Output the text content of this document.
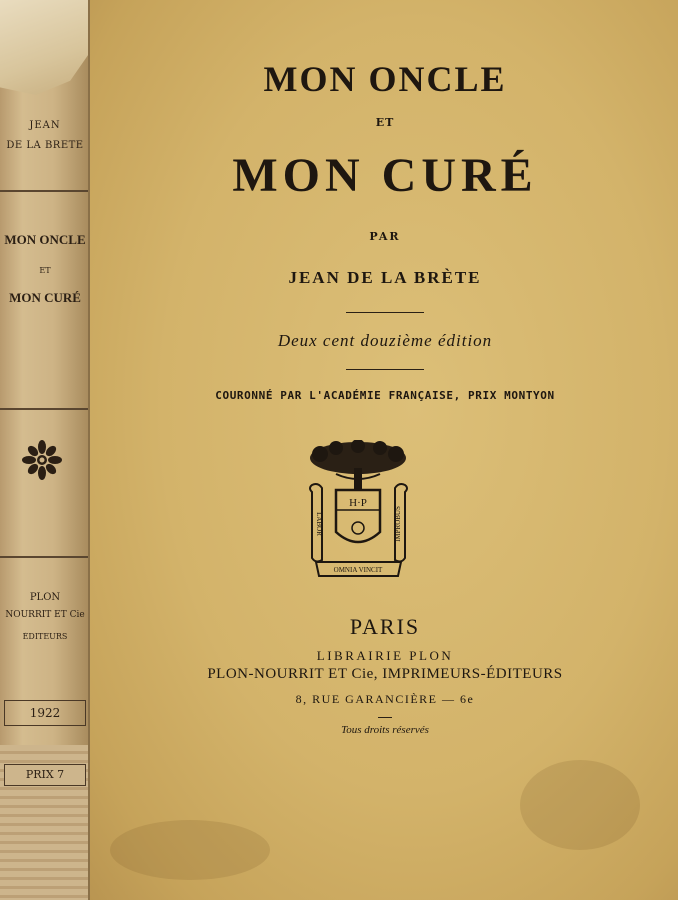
JEAN
DE LA BRÈTE
MON ONCLE
ET
MON CURÉ
PLON
NOURRIT ET Cie
ÉDITEURS
1922
PRIX 7
MON ONCLE
ET
MON CURÉ
PAR
JEAN DE LA BRÈTE
Deux cent douzième édition
COURONNÉ PAR L'ACADÉMIE FRANÇAISE, PRIX MONTYON
H·P
LABOR	IMPROBUS
OMNIA VINCIT
PARIS
LIBRAIRIE PLON
PLON-NOURRIT ET Cie, IMPRIMEURS-ÉDITEURS
8, RUE GARANCIÈRE — 6e
Tous droits réservés
